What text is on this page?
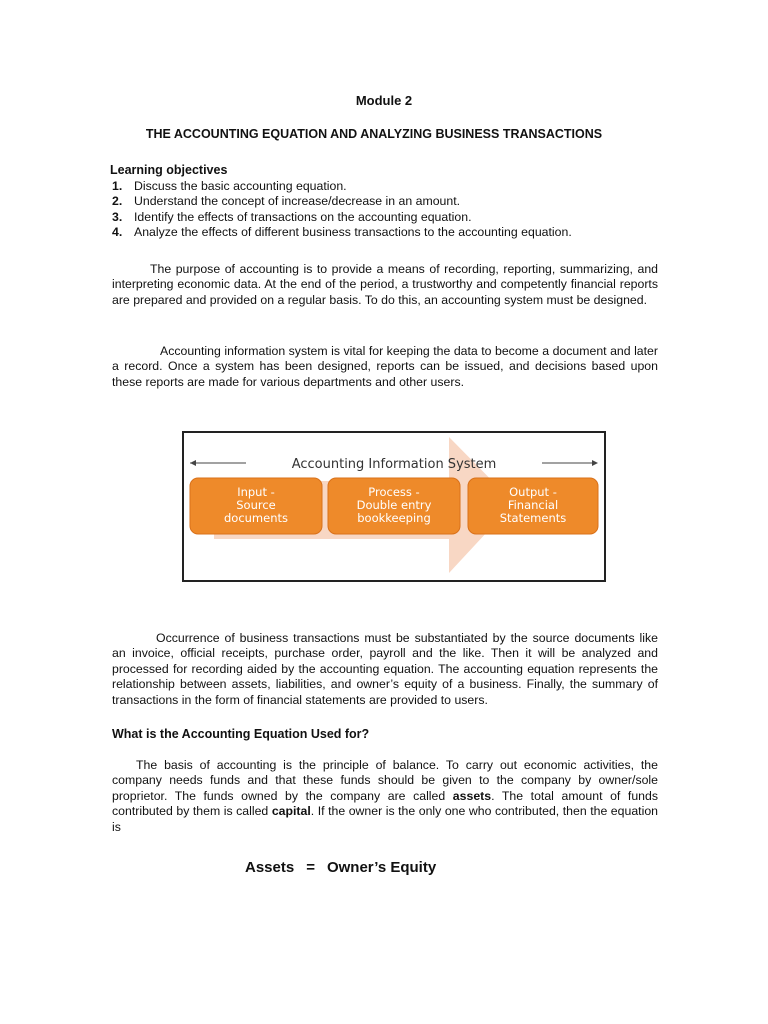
Module 2
THE ACCOUNTING EQUATION AND ANALYZING BUSINESS TRANSACTIONS
Learning objectives
1. Discuss the basic accounting equation.
2. Understand the concept of increase/decrease in an amount.
3. Identify the effects of transactions on the accounting equation.
4. Analyze the effects of different business transactions to the accounting equation.

The purpose of accounting is to provide a means of recording, reporting, summarizing, and interpreting economic data. At the end of the period, a trustworthy and competently financial reports are prepared and provided on a regular basis. To do this, an accounting system must be designed.

Accounting information system is vital for keeping the data to become a document and later a record. Once a system has been designed, reports can be issued, and decisions based upon these reports are made for various departments and other users.

Accounting Information System
Input -
Source
documents
Process -
Double entry
bookkeeping
Output -
Financial
Statements

Occurrence of business transactions must be substantiated by the source documents like an invoice, official receipts, purchase order, payroll and the like. Then it will be analyzed and processed for recording aided by the accounting equation. The accounting equation represents the relationship between assets, liabilities, and owner’s equity of a business. Finally, the summary of transactions in the form of financial statements are provided to users.

What is the Accounting Equation Used for?

The basis of accounting is the principle of balance. To carry out economic activities, the company needs funds and that these funds should be given to the company by owner/sole proprietor. The funds owned by the company are called assets. The total amount of funds contributed by them is called capital. If the owner is the only one who contributed, then the equation is

Assets = Owner’s Equity
